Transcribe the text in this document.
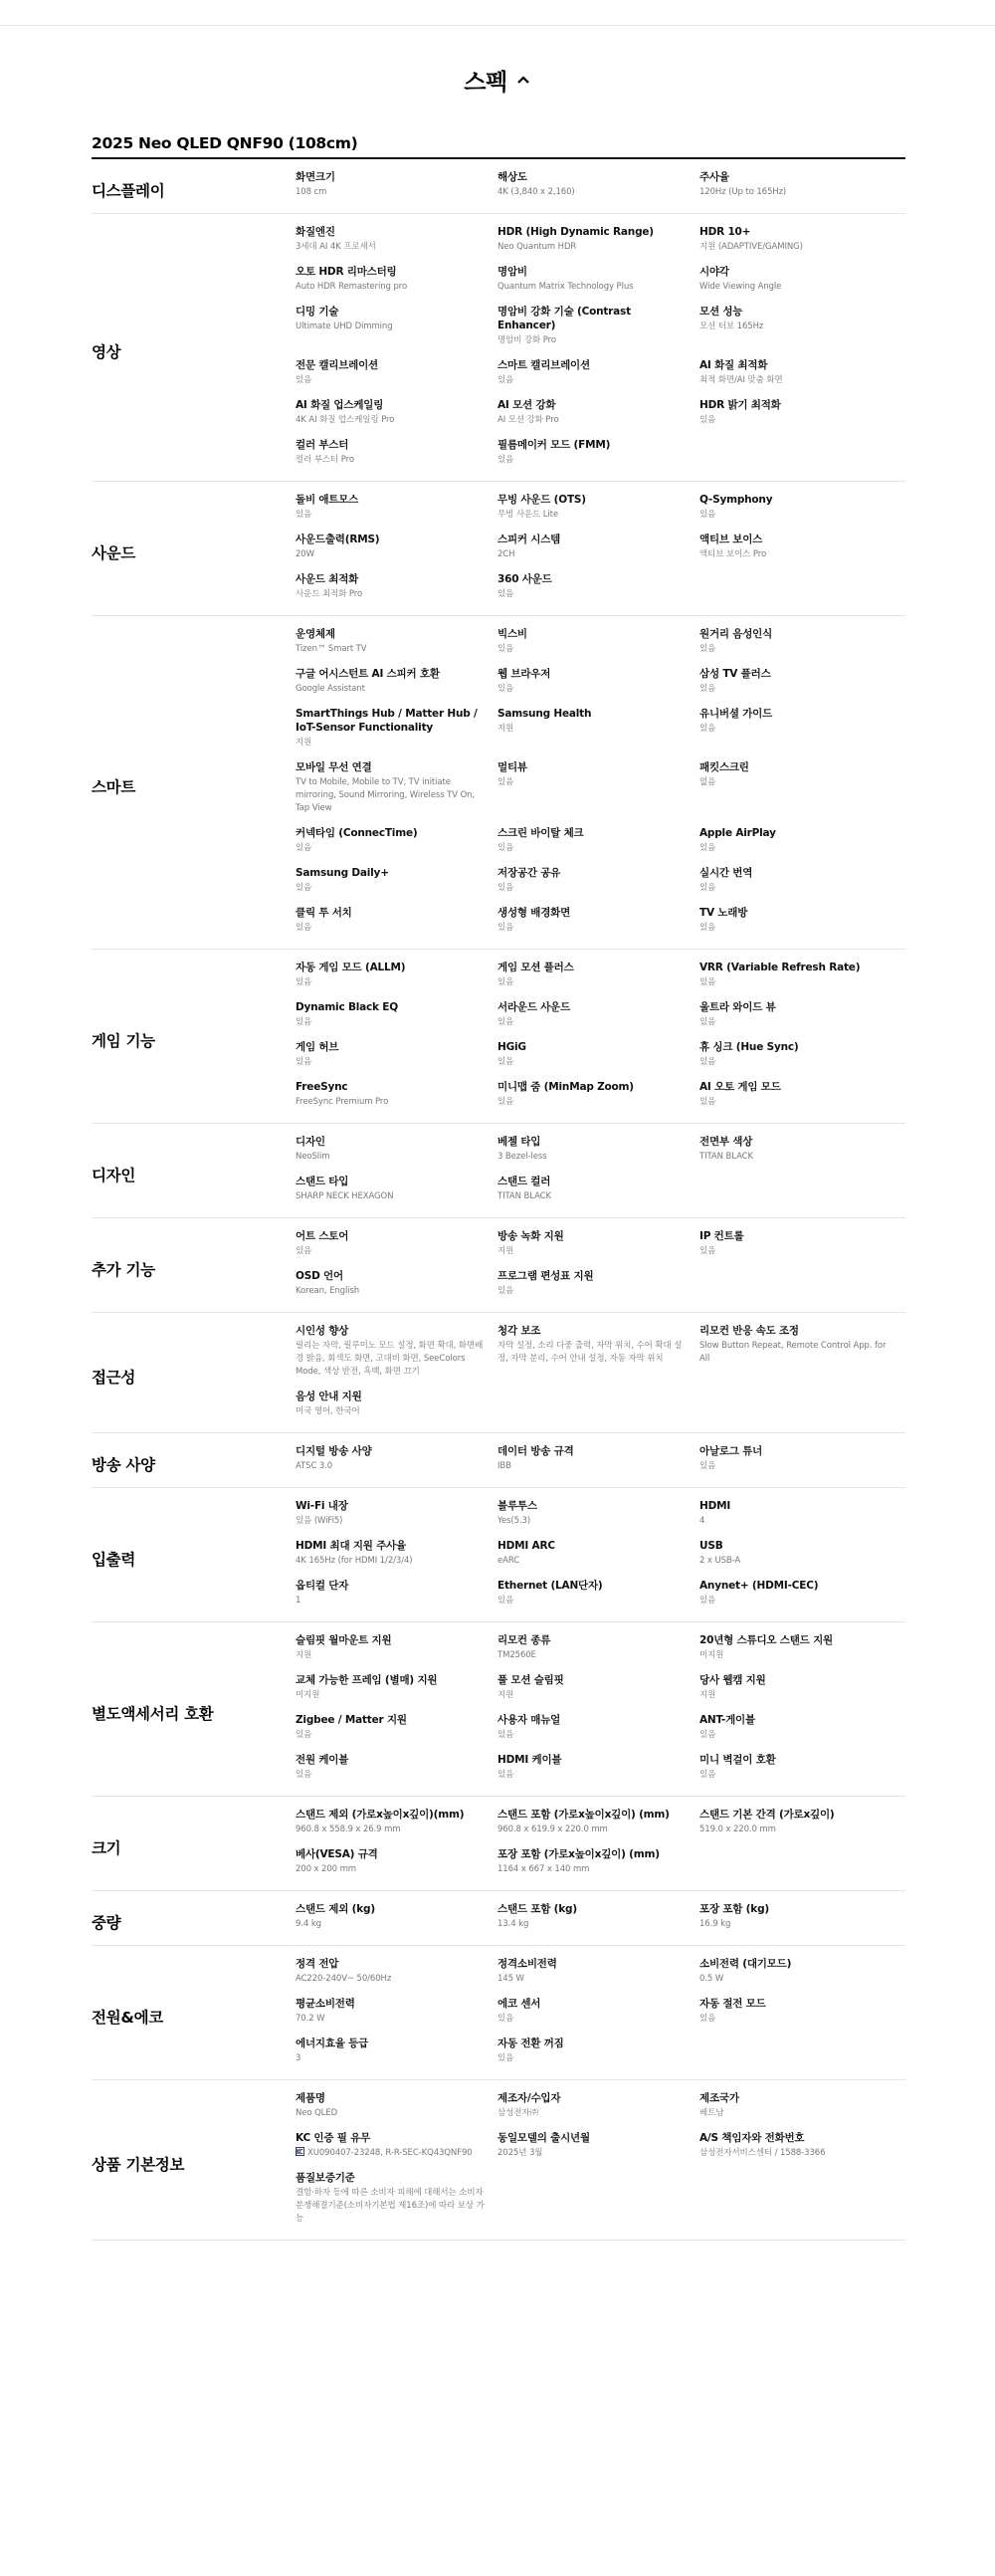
스펙
2025 Neo QLED QNF90 (108cm)
디스플레이
화면크기
108 cm
해상도
4K (3,840 x 2,160)
주사율
120Hz (Up to 165Hz)
영상
화질엔진
3세대 AI 4K 프로세서
HDR (High Dynamic Range)
Neo Quantum HDR
HDR 10+
지원 (ADAPTIVE/GAMING)
오토 HDR 리마스터링
Auto HDR Remastering pro
명암비
Quantum Matrix Technology Plus
시야각
Wide Viewing Angle
디밍 기술
Ultimate UHD Dimming
명암비 강화 기술 (Contrast Enhancer)
명암비 강화 Pro
모션 성능
모션 터보 165Hz
전문 캘리브레이션
있음
스마트 캘리브레이션
있음
AI 화질 최적화
최적 화면/AI 맞춤 화면
AI 화질 업스케일링
4K AI 화질 업스케일링 Pro
AI 모션 강화
AI 모션 강화 Pro
HDR 밝기 최적화
있음
컬러 부스터
컬러 부스터 Pro
필름메이커 모드 (FMM)
있음
사운드
돌비 애트모스
있음
무빙 사운드 (OTS)
무빙 사운드 Lite
Q-Symphony
있음
사운드출력(RMS)
20W
스피커 시스템
2CH
액티브 보이스
액티브 보이스 Pro
사운드 최적화
사운드 최적화 Pro
360 사운드
있음
스마트
운영체제
Tizen™ Smart TV
빅스비
있음
원거리 음성인식
있음
구글 어시스턴트 AI 스피커 호환
Google Assistant
웹 브라우저
있음
삼성 TV 플러스
있음
SmartThings Hub / Matter Hub / IoT-Sensor Functionality
지원
Samsung Health
지원
유니버셜 가이드
있음
모바일 무선 연결
TV to Mobile, Mobile to TV, TV initiate mirroring, Sound Mirroring, Wireless TV On, Tap View
멀티뷰
있음
패킷스크린
없음
커넥타임 (ConnecTime)
있음
스크린 바이탈 체크
있음
Apple AirPlay
있음
Samsung Daily+
있음
저장공간 공유
있음
실시간 번역
있음
클릭 투 서치
있음
생성형 배경화면
있음
TV 노래방
있음
게임 기능
자동 게임 모드 (ALLM)
있음
게임 모션 플러스
있음
VRR (Variable Refresh Rate)
있음
Dynamic Black EQ
있음
서라운드 사운드
있음
울트라 와이드 뷰
있음
게임 허브
있음
HGiG
있음
휴 싱크 (Hue Sync)
있음
FreeSync
FreeSync Premium Pro
미니맵 줌 (MinMap Zoom)
있음
AI 오토 게임 모드
있음
디자인
디자인
NeoSlim
베젤 타입
3 Bezel-less
전면부 색상
TITAN BLACK
스탠드 타입
SHARP NECK HEXAGON
스탠드 컬러
TITAN BLACK
추가 기능
어트 스토어
있음
방송 녹화 지원
지원
IP 컨트롤
있음
OSD 언어
Korean, English
프로그램 편성표 지원
있음
접근성
시인성 향상
릴리는 자막, 릴루미노 모드 설정, 화면 확대, 화면배경 밝음, 회색도 화면, 고대비 화면, SeeColors Mode, 색상 반전, 흑백, 화면 끄기
청각 보조
자막 설정, 소리 다중 출력, 자막 위치, 수어 확대 설정, 자막 분리, 수어 안내 설정, 자동 자막 위치
리모컨 반응 속도 조정
Slow Button Repeat, Remote Control App. for All
음성 안내 지원
미국 영어, 한국어
방송 사양
디지털 방송 사양
ATSC 3.0
데이터 방송 규격
IBB
아날로그 튜너
있음
입출력
Wi-Fi 내장
있음 (WiFi5)
블루투스
Yes(5.3)
HDMI
4
HDMI 최대 지원 주사율
4K 165Hz (for HDMI 1/2/3/4)
HDMI ARC
eARC
USB
2 x USB-A
옵티컬 단자
1
Ethernet (LAN단자)
있음
Anynet+ (HDMI-CEC)
있음
별도액세서리 호환
슬림핏 월마운트 지원
지원
리모컨 종류
TM2560E
20년형 스튜디오 스탠드 지원
미지원
교체 가능한 프레임 (별매) 지원
미지원
풀 모션 슬림핏
지원
당사 웹캠 지원
지원
Zigbee / Matter 지원
있음
사용자 매뉴얼
있음
ANT-게이블
있음
전원 케이블
있음
HDMI 케이블
있음
미니 벽걸이 호환
있음
크기
스탠드 제외 (가로x높이x깊이)(mm)
960.8 x 558.9 x 26.9 mm
스탠드 포함 (가로x높이x깊이) (mm)
960.8 x 619.9 x 220.0 mm
스탠드 기본 간격 (가로x깊이)
519.0 x 220.0 mm
베사(VESA) 규격
200 x 200 mm
포장 포함 (가로x높이x깊이) (mm)
1164 x 667 x 140 mm
중량
스탠드 제외 (kg)
9.4 kg
스탠드 포함 (kg)
13.4 kg
포장 포함 (kg)
16.9 kg
전원&에코
정격 전압
AC220-240V~ 50/60Hz
정격소비전력
145 W
소비전력 (대기모드)
0.5 W
평균소비전력
70.2 W
에코 센서
있음
자동 절전 모드
있음
에너지효율 등급
3
자동 전환 꺼짐
있음
상품 기본정보
제품명
Neo QLED
제조자/수입자
삼성전자㈜
제조국가
베트남
KC 인증 필 유무
XU090407-23248, R-R-SEC-KQ43QNF90
동일모델의 출시년월
2025년 3월
A/S 책임자와 전화번호
삼성전자서비스센터 / 1588-3366
품질보증기준
결함·하자 등에 따른 소비자 피해에 대해서는 소비자분쟁해결기준(소비자기본법 제16조)에 따라 보상 가능
